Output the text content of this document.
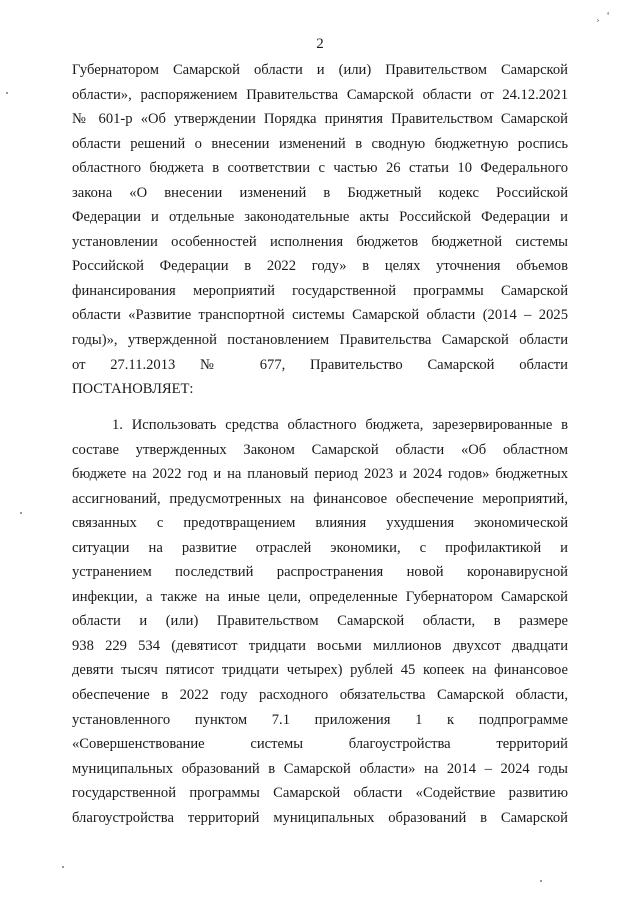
2
¸ ‘
Губернатором Самарской области и (или) Правительством Самарской
области», распоряжением Правительства Самарской области от 24.12.2021
№ 601-р «Об утверждении Порядка принятия Правительством Самарской
области решений о внесении изменений в сводную бюджетную роспись
областного бюджета в соответствии с частью 26 статьи 10 Федерального
закона «О внесении изменений в Бюджетный кодекс Российской
Федерации и отдельные законодательные акты Российской Федерации и
установлении особенностей исполнения бюджетов бюджетной системы
Российской Федерации в 2022 году» в целях уточнения объемов
финансирования мероприятий государственной программы Самарской
области «Развитие транспортной системы Самарской области (2014 – 2025
годы)», утвержденной постановлением Правительства Самарской области
от 27.11.2013 № 677, Правительство Самарской области
ПОСТАНОВЛЯЕТ:
1. Использовать средства областного бюджета, зарезервированные в
составе утвержденных Законом Самарской области «Об областном
бюджете на 2022 год и на плановый период 2023 и 2024 годов» бюджетных
ассигнований, предусмотренных на финансовое обеспечение мероприятий,
связанных с предотвращением влияния ухудшения экономической
ситуации на развитие отраслей экономики, с профилактикой и
устранением последствий распространения новой коронавирусной
инфекции, а также на иные цели, определенные Губернатором Самарской
области и (или) Правительством Самарской области, в размере
938 229 534 (девятисот тридцати восьми миллионов двухсот двадцати
девяти тысяч пятисот тридцати четырех) рублей 45 копеек на финансовое
обеспечение в 2022 году расходного обязательства Самарской области,
установленного пунктом 7.1 приложения 1 к подпрограмме
«Совершенствование системы благоустройства территорий
муниципальных образований в Самарской области» на 2014 – 2024 годы
государственной программы Самарской области «Содействие развитию
благоустройства территорий муниципальных образований в Самарской
